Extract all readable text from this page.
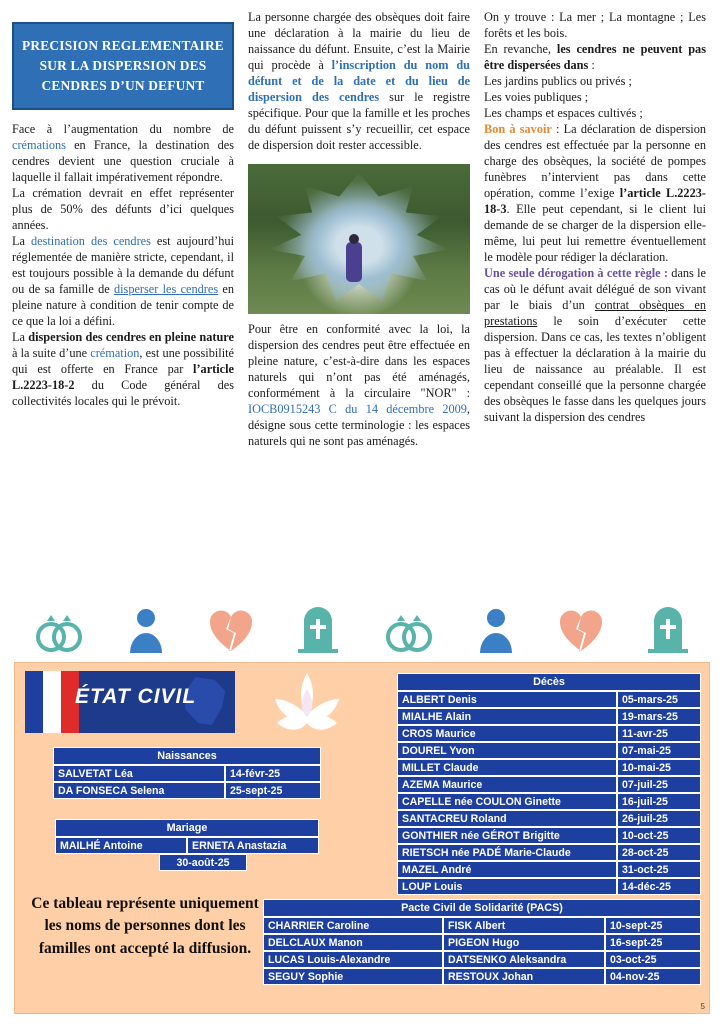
PRECISION REGLEMENTAIRE SUR LA DISPERSION DES CENDRES D’UN DEFUNT

Face à l’augmentation du nombre de crémations en France, la destination des cendres devient une question cruciale à laquelle il fallait impérativement répondre.

La crémation devrait en effet représenter plus de 50% des défunts d’ici quelques années.

La destination des cendres est aujourd’hui réglementée de manière stricte, cependant, il est toujours possible à la demande du défunt ou de sa famille de disperser les cendres en pleine nature à condition de tenir compte de ce que la loi a défini.

La dispersion des cendres en pleine nature à la suite d’une crémation, est une possibilité qui est offerte en France par l’article L.2223-18-2 du Code général des collectivités locales qui le prévoit.

La personne chargée des obsèques doit faire une déclaration à la mairie du lieu de naissance du défunt. Ensuite, c’est la Mairie qui procède à l’inscription du nom du défunt et de la date et du lieu de dispersion des cendres sur le registre spécifique. Pour que la famille et les proches du défunt puissent s’y recueillir, cet espace de dispersion doit rester accessible.

Pour être en conformité avec la loi, la dispersion des cendres peut être effectuée en pleine nature, c’est-à-dire dans les espaces naturels qui n’ont pas été aménagés, conformément à la circulaire "NOR" : IOCB0915243 C du 14 décembre 2009, désigne sous cette terminologie : les espaces naturels qui ne sont pas aménagés.

On y trouve : La mer ; La montagne ; Les forêts et les bois.

En revanche, les cendres ne peuvent pas être dispersées dans :

Les jardins publics ou privés ;

Les voies publiques ;

Les champs et espaces cultivés ;

Bon à savoir : La déclaration de dispersion des cendres est effectuée par la personne en charge des obsèques, la société de pompes funèbres n’intervient pas dans cette opération, comme l’exige l’article L.2223-18-3. Elle peut cependant, si le client lui demande de se charger de la dispersion elle-même, lui peut lui remettre éventuellement le modèle pour rédiger la déclaration.

Une seule dérogation à cette règle : dans le cas où le défunt avait délégué de son vivant par le biais d’un contrat obsèques en prestations le soin d’exécuter cette dispersion. Dans ce cas, les textes n’obligent pas à effectuer la déclaration à la mairie du lieu de naissance au préalable. Il est cependant conseillé que la personne chargée des obsèques le fasse dans les quelques jours suivant la dispersion des cendres

ÉTAT CIVIL
Naissances
SALVETAT Léa	14-févr-25
DA FONSECA Selena	25-sept-25
Mariage
MAILHÉ Antoine	ERNETA Anastazia
30-août-25
Décès
ALBERT Denis	05-mars-25
MIALHE Alain	19-mars-25
CROS Maurice	11-avr-25
DOUREL Yvon	07-mai-25
MILLET Claude	10-mai-25
AZEMA Maurice	07-juil-25
CAPELLE née COULON Ginette	16-juil-25
SANTACREU Roland	26-juil-25
GONTHIER née GÉROT Brigitte	10-oct-25
RIETSCH née PADÉ Marie-Claude	28-oct-25
MAZEL André	31-oct-25
LOUP Louis	14-déc-25
Pacte Civil de Solidarité (PACS)
CHARRIER Caroline	FISK Albert	10-sept-25
DELCLAUX Manon	PIGEON Hugo	16-sept-25
LUCAS Louis-Alexandre	DATSENKO Aleksandra	03-oct-25
SEGUY Sophie	RESTOUX Johan	04-nov-25
Ce tableau représente uniquement les noms de personnes dont les familles ont accepté la diffusion.
5
